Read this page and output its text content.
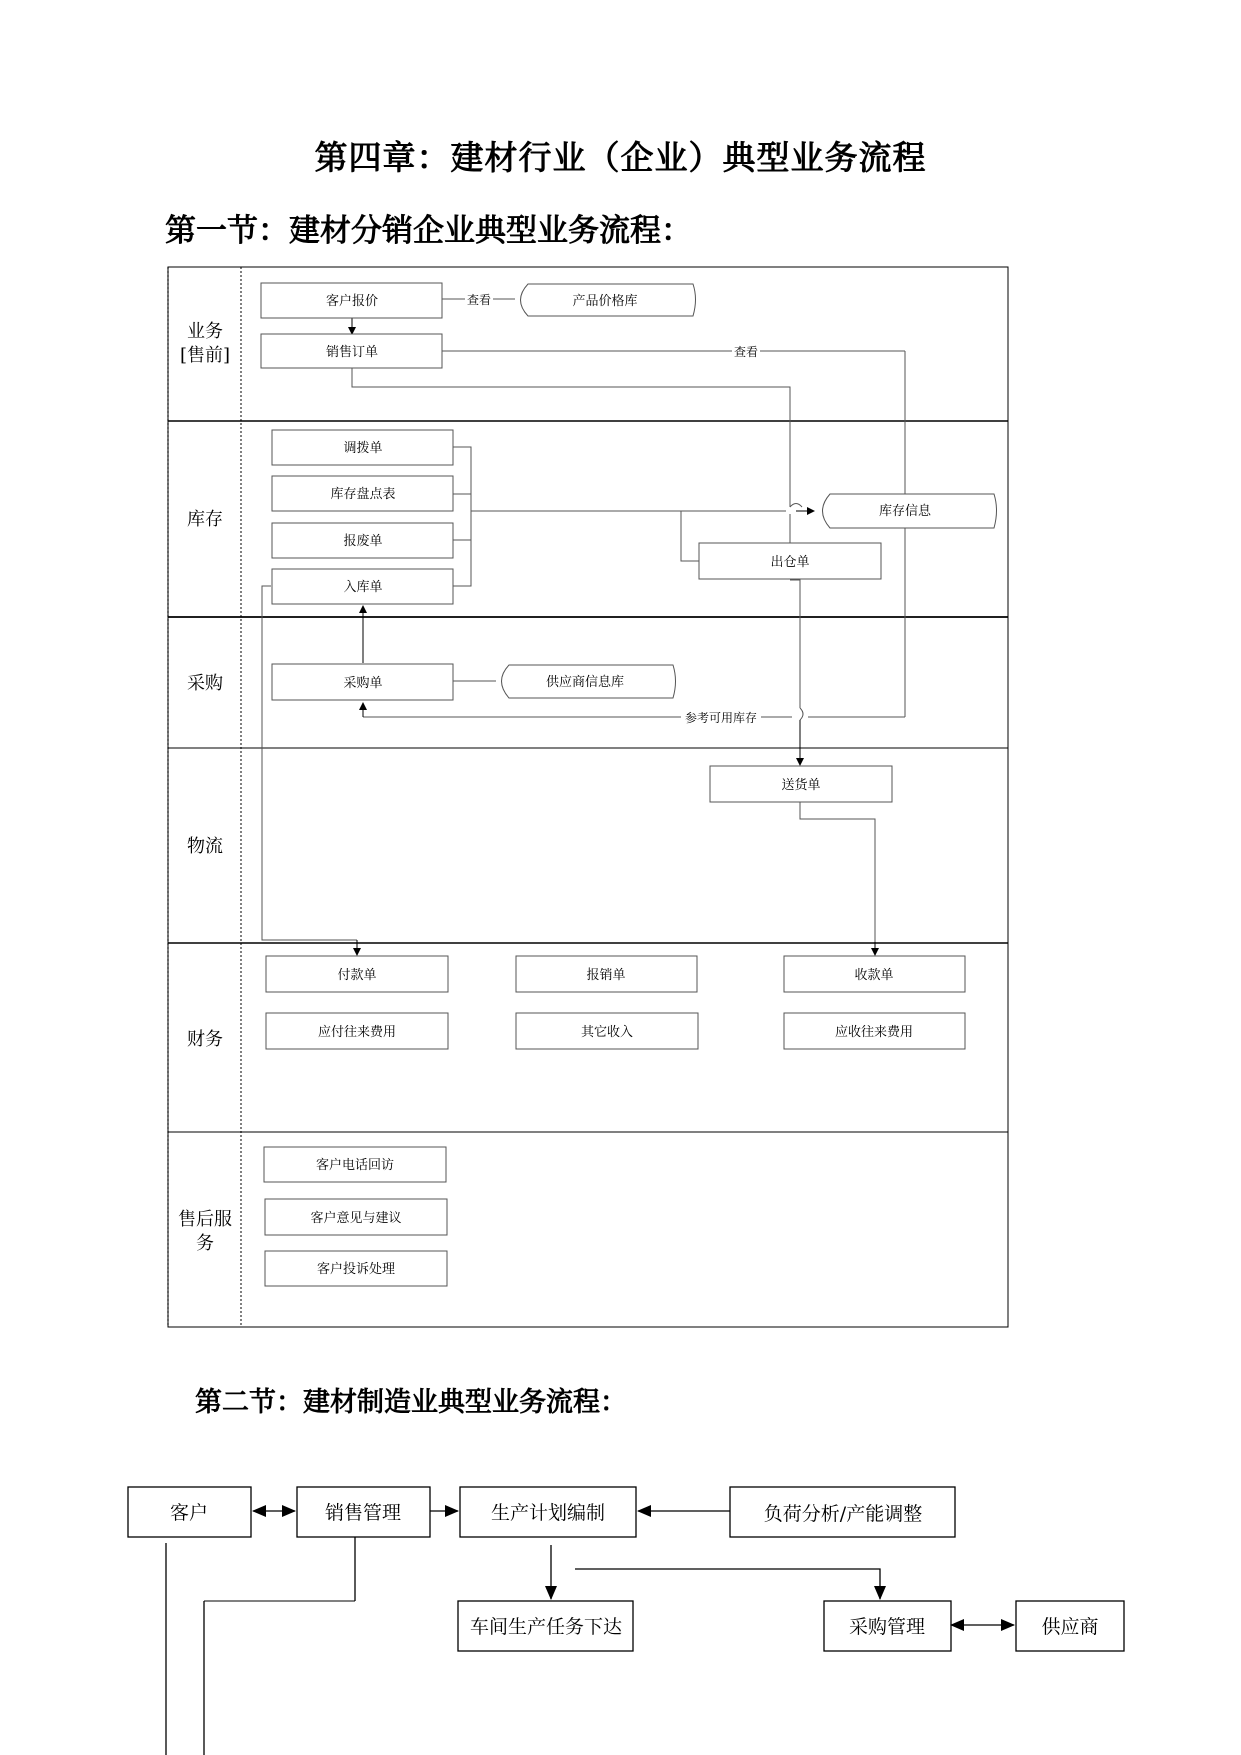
第四章：建材行业（企业）典型业务流程
第一节：建材分销企业典型业务流程：
业务
[售前]
库存
采购
物流
财务
售后服
务
查看
查看
参考可用库存
客户报价
销售订单
调拨单
库存盘点表
报废单
入库单
出仓单
采购单
送货单
付款单	报销单	收款单
应付往来费用	其它收入	应收往来费用
客户电话回访
客户意见与建议
客户投诉处理
产品价格库
库存信息
供应商信息库
客户	销售管理	生产计划编制	负荷分析/产能调整
车间生产任务下达	采购管理	供应商
第二节：建材制造业典型业务流程：
